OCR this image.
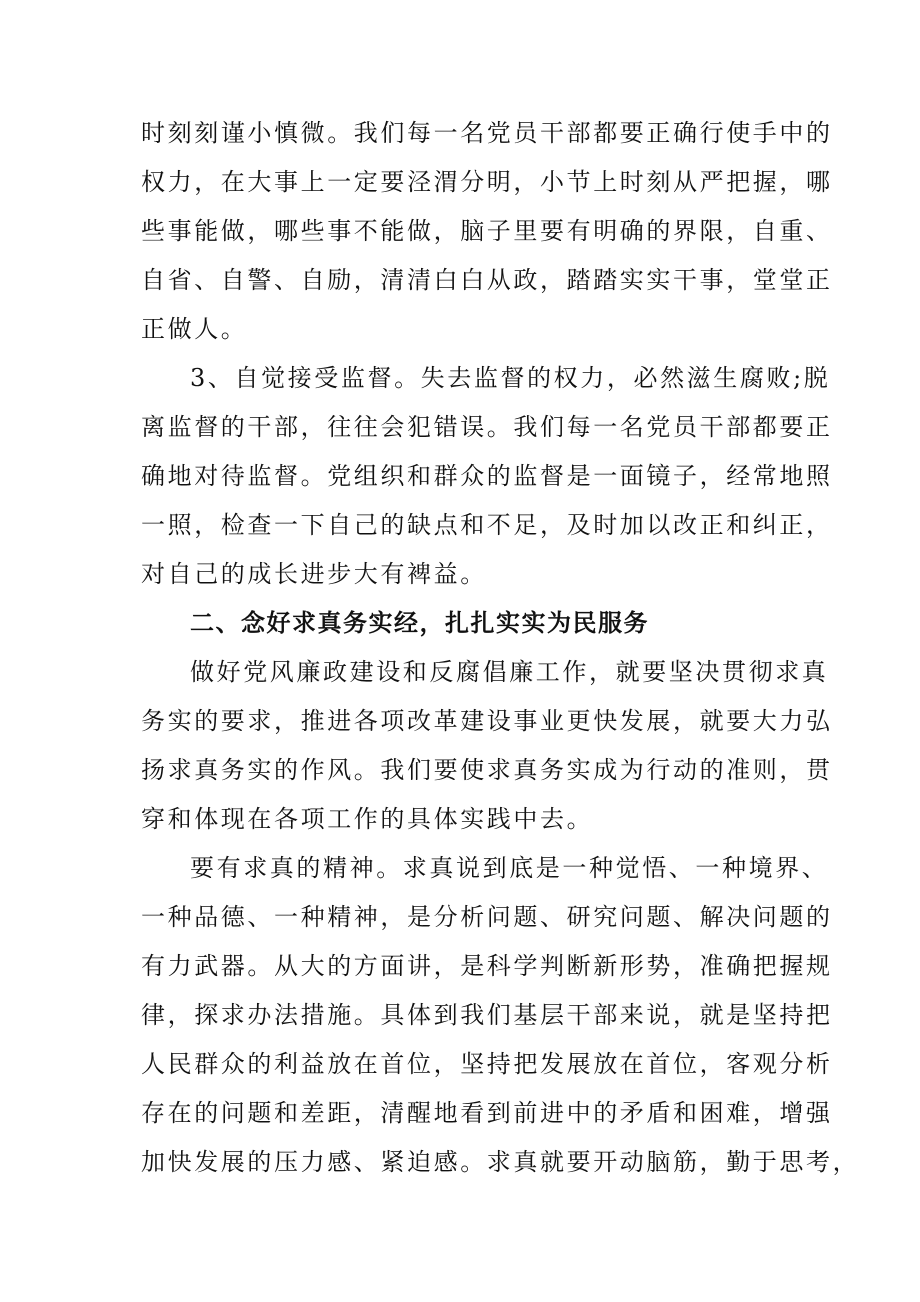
时刻刻谨小慎微。我们每一名党员干部都要正确行使手中的
权力，在大事上一定要泾渭分明，小节上时刻从严把握，哪
些事能做，哪些事不能做，脑子里要有明确的界限，自重、
自省、自警、自励，清清白白从政，踏踏实实干事，堂堂正
正做人。
3、自觉接受监督。失去监督的权力，必然滋生腐败;脱
离监督的干部，往往会犯错误。我们每一名党员干部都要正
确地对待监督。党组织和群众的监督是一面镜子，经常地照
一照，检查一下自己的缺点和不足，及时加以改正和纠正，
对自己的成长进步大有裨益。
二、念好求真务实经，扎扎实实为民服务
做好党风廉政建设和反腐倡廉工作，就要坚决贯彻求真
务实的要求，推进各项改革建设事业更快发展，就要大力弘
扬求真务实的作风。我们要使求真务实成为行动的准则，贯
穿和体现在各项工作的具体实践中去。
要有求真的精神。求真说到底是一种觉悟、一种境界、
一种品德、一种精神，是分析问题、研究问题、解决问题的
有力武器。从大的方面讲，是科学判断新形势，准确把握规
律，探求办法措施。具体到我们基层干部来说，就是坚持把
人民群众的利益放在首位，坚持把发展放在首位，客观分析
存在的问题和差距，清醒地看到前进中的矛盾和困难，增强
加快发展的压力感、紧迫感。求真就要开动脑筋，勤于思考，
